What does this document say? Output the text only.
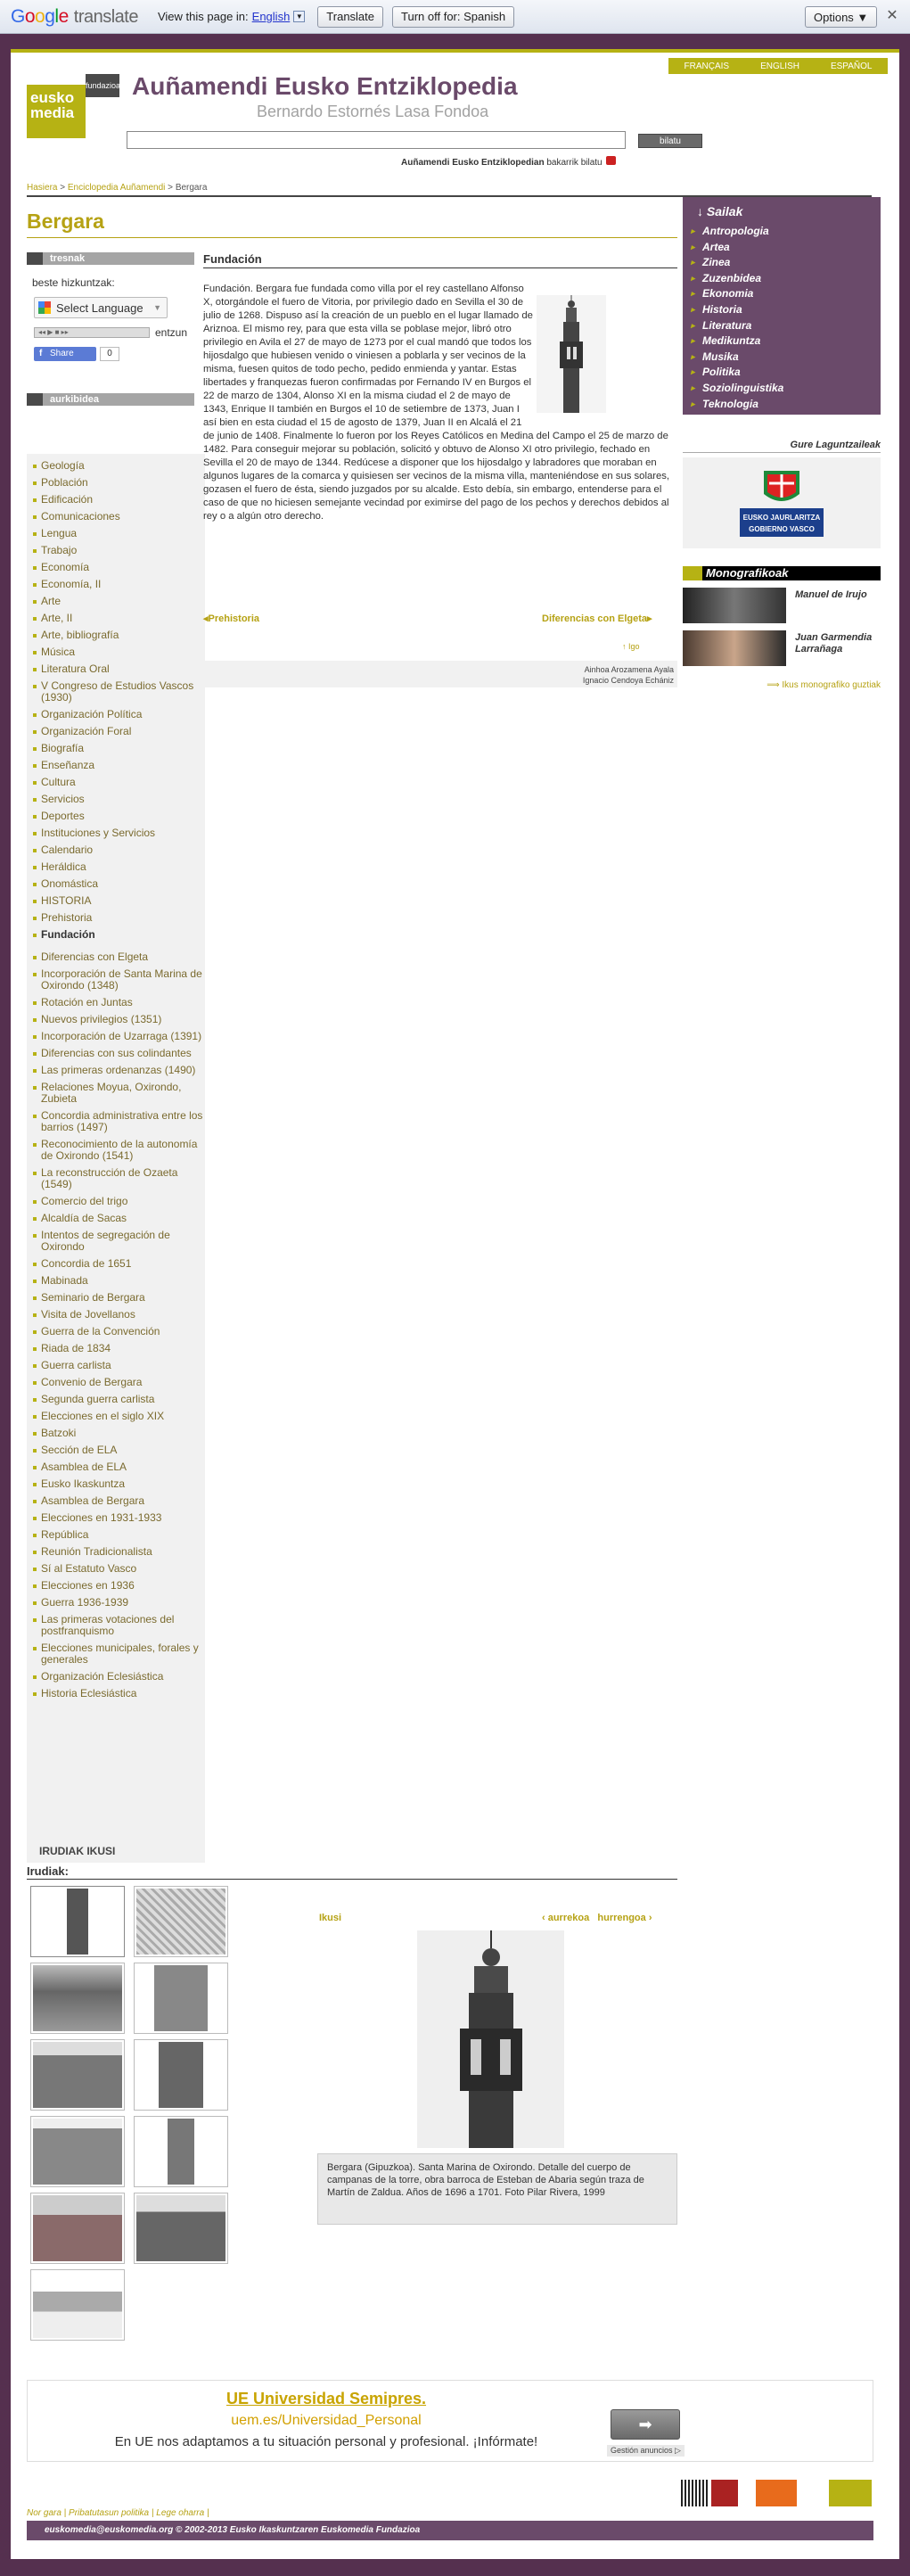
Google translate View this page in: English ▼	Translate	Turn off for: Spanish	Options ▼	✕
FRANÇAIS	ENGLISH	ESPAÑOL
eusko media
fundazioa Auñamendi Eusko Entziklopedia
Bernardo Estornés Lasa Fondoa
bilatu
Auñamendi Eusko Entziklopedian bakarrik bilatu
Hasiera > Enciclopedia Auñamendi > Bergara
Bergara
tresnak
beste hizkuntzak:
Select Language ▼
◂◂ ▶ ■ ▸▸	entzun
f Share	0
aurkibidea
Geología
Población
Edificación
Comunicaciones
Lengua
Trabajo
Economía
Economía, II
Arte
Arte, II
Arte, bibliografía
Música
Literatura Oral
V Congreso de Estudios Vascos (1930)
Organización Política
Organización Foral
Biografía
Enseñanza
Cultura
Servicios
Deportes
Instituciones y Servicios
Calendario
Heráldica
Onomástica
HISTORIA
Prehistoria
Fundación
Diferencias con Elgeta
Incorporación de Santa Marina de Oxirondo (1348)
Rotación en Juntas
Nuevos privilegios (1351)
Incorporación de Uzarraga (1391)
Diferencias con sus colindantes
Las primeras ordenanzas (1490)
Relaciones Moyua, Oxirondo, Zubieta
Concordia administrativa entre los barrios (1497)
Reconocimiento de la autonomía de Oxirondo (1541)
La reconstrucción de Ozaeta (1549)
Comercio del trigo
Alcaldía de Sacas
Intentos de segregación de Oxirondo
Concordia de 1651
Mabinada
Seminario de Bergara
Visita de Jovellanos
Guerra de la Convención
Riada de 1834
Guerra carlista
Convenio de Bergara
Segunda guerra carlista
Elecciones en el siglo XIX
Batzoki
Sección de ELA
Asamblea de ELA
Eusko Ikaskuntza
Asamblea de Bergara
Elecciones en 1931-1933
República
Reunión Tradicionalista
Sí al Estatuto Vasco
Elecciones en 1936
Guerra 1936-1939
Las primeras votaciones del postfranquismo
Elecciones municipales, forales y generales
Organización Eclesiástica
Historia Eclesiástica
IRUDIAK IKUSI
Fundación
Fundación. Bergara fue fundada como villa por el rey castellano Alfonso X, otorgándole el fuero de Vitoria, por privilegio dado en Sevilla el 30 de julio de 1268. Dispuso así la creación de un pueblo en el lugar llamado de Ariznoa. El mismo rey, para que esta villa se poblase mejor, libró otro privilegio en Avila el 27 de mayo de 1273 por el cual mandó que todos los hijosdalgo que hubiesen venido o viniesen a poblarla y ser vecinos de la misma, fuesen quitos de todo pecho, pedido enmienda y yantar. Estas libertades y franquezas fueron confirmadas por Fernando IV en Burgos el 22 de marzo de 1304, Alonso XI en la misma ciudad el 2 de mayo de 1343, Enrique II también en Burgos el 10 de setiembre de 1373, Juan I así bien en esta ciudad el 15 de agosto de 1379, Juan II en Alcalá el 21 de junio de 1408. Finalmente lo fueron por los Reyes Católicos en Medina del Campo el 25 de marzo de 1482. Para conseguir mejorar su población, solicitó y obtuvo de Alonso XI otro privilegio, fechado en Sevilla el 20 de mayo de 1344. Redúcese a disponer que los hijosdalgo y labradores que moraban en algunos lugares de la comarca y quisiesen ser vecinos de la misma villa, manteniéndose en sus solares, gozasen el fuero de ésta, siendo juzgados por su alcalde. Esto debía, sin embargo, entenderse para el caso de que no hiciesen semejante vecindad por eximirse del pago de los pechos y derechos debidos al rey o a algún otro derecho.
◂Prehistoria	Diferencias con Elgeta▸
↑ Igo
Ainhoa Arozamena Ayala
Ignacio Cendoya Echániz
↓ Sailak
▸ Antropologia
▸ Artea
▸ Zinea
▸ Zuzenbidea
▸ Ekonomia
▸ Historia
▸ Literatura
▸ Medikuntza
▸ Musika
▸ Politika
▸ Soziolinguistika
▸ Teknologia
Gure Laguntzaileak
EUSKO JAURLARITZA
GOBIERNO VASCO
Monografikoak
Manuel de Irujo
Juan Garmendia Larrañaga
⟹ Ikus monografiko guztiak
Irudiak:
Ikusi	‹ aurrekoa hurrengoa ›
Bergara (Gipuzkoa). Santa Marina de Oxirondo. Detalle del cuerpo de campanas de la torre, obra barroca de Esteban de Abaria según traza de Martín de Zaldua. Años de 1696 a 1701. Foto Pilar Rivera, 1999
UE Universidad Semipres.
uem.es/Universidad_Personal
En UE nos adaptamos a tu situación personal y profesional. ¡Infórmate!
➡
Gestión anuncios ▷
Nor gara | Pribatutasun politika | Lege oharra |
euskomedia@euskomedia.org © 2002-2013 Eusko Ikaskuntzaren Euskomedia Fundazioa
